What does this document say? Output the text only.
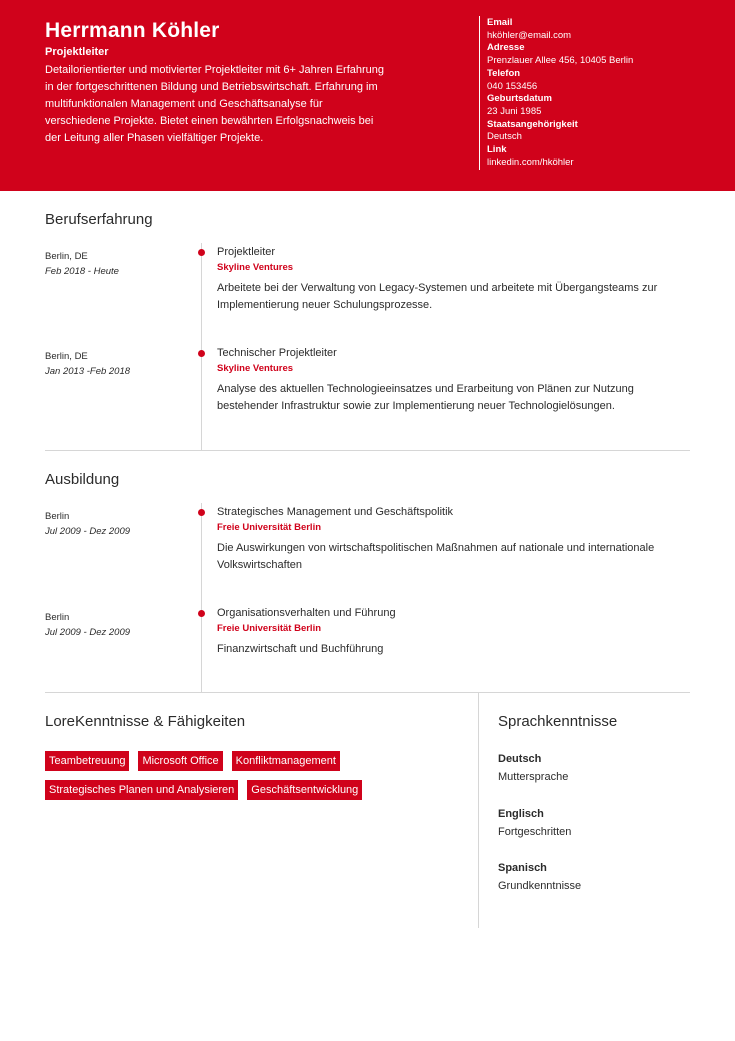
Herrmann Köhler
Projektleiter
Detailorientierter und motivierter Projektleiter mit 6+ Jahren Erfahrung in der fortgeschrittenen Bildung und Betriebswirtschaft. Erfahrung im multifunktionalen Management und Geschäftsanalyse für verschiedene Projekte. Bietet einen bewährten Erfolgsnachweis bei der Leitung aller Phasen vielfältiger Projekte.
Email
hköhler@email.com
Adresse
Prenzlauer Allee 456, 10405 Berlin
Telefon
040 153456
Geburtsdatum
23 Juni 1985
Staatsangehörigkeit
Deutsch
Link
linkedin.com/hköhler
Berufserfahrung
Berlin, DE
Feb 2018 - Heute
Projektleiter
Skyline Ventures
Arbeitete bei der Verwaltung von Legacy-Systemen und arbeitete mit Übergangsteams zur Implementierung neuer Schulungsprozesse.
Berlin, DE
Jan 2013 -Feb 2018
Technischer Projektleiter
Skyline Ventures
Analyse des aktuellen Technologieeinsatzes und Erarbeitung von Plänen zur Nutzung bestehender Infrastruktur sowie zur Implementierung neuer Technologielösungen.
Ausbildung
Berlin
Jul 2009 - Dez 2009
Strategisches Management und Geschäftspolitik
Freie Universität Berlin
Die Auswirkungen von wirtschaftspolitischen Maßnahmen auf nationale und internationale Volkswirtschaften
Berlin
Jul 2009 - Dez 2009
Organisationsverhalten und Führung
Freie Universität Berlin
Finanzwirtschaft und Buchführung
LoreKenntnisse & Fähigkeiten
Teambetreuung	Microsoft Office	Konfliktmanagement
Strategisches Planen und Analysieren	Geschäftsentwicklung
Sprachkenntnisse
Deutsch
Muttersprache
Englisch
Fortgeschritten
Spanisch
Grundkenntnisse
